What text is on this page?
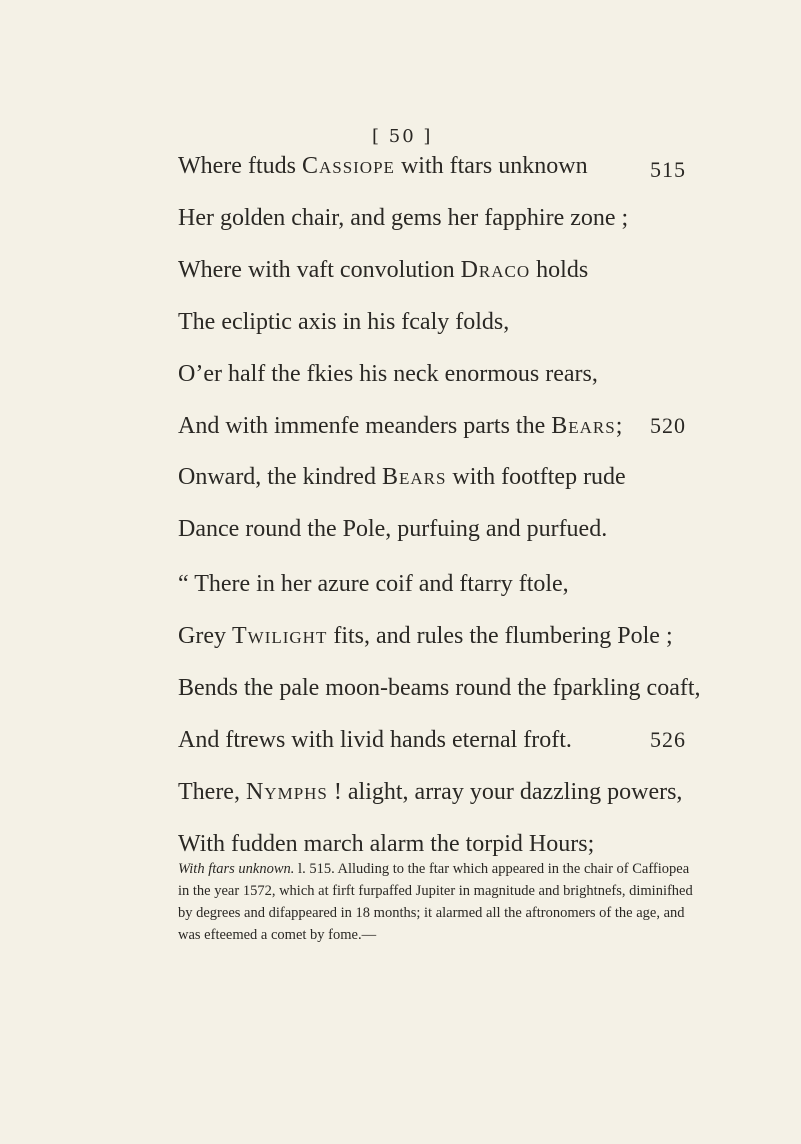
[ 50 ]
Where ftuds Cassiope with ftars unknown	515
Her golden chair, and gems her fapphire zone ;
Where with vaft convolution Draco holds
The ecliptic axis in his fcaly folds,
O’er half the fkies his neck enormous rears,
And with immenfe meanders parts the Bears; 520
Onward, the kindred Bears with footftep rude
Dance round the Pole, purfuing and purfued.
“ There in her azure coif and ftarry ftole,
Grey Twilight fits, and rules the flumbering Pole ;
Bends the pale moon-beams round the fparkling coaft,
And ftrews with livid hands eternal froft.	526
There, Nymphs ! alight, array your dazzling powers,
With fudden march alarm the torpid Hours;
With ftars unknown. l. 515. Alluding to the ftar which appeared in the chair of Caffiopea in the year 1572, which at firft furpaffed Jupiter in magnitude and brightnefs, diminifhed by degrees and difappeared in 18 months; it alarmed all the aftronomers of the age, and was efteemed a comet by fome.—
